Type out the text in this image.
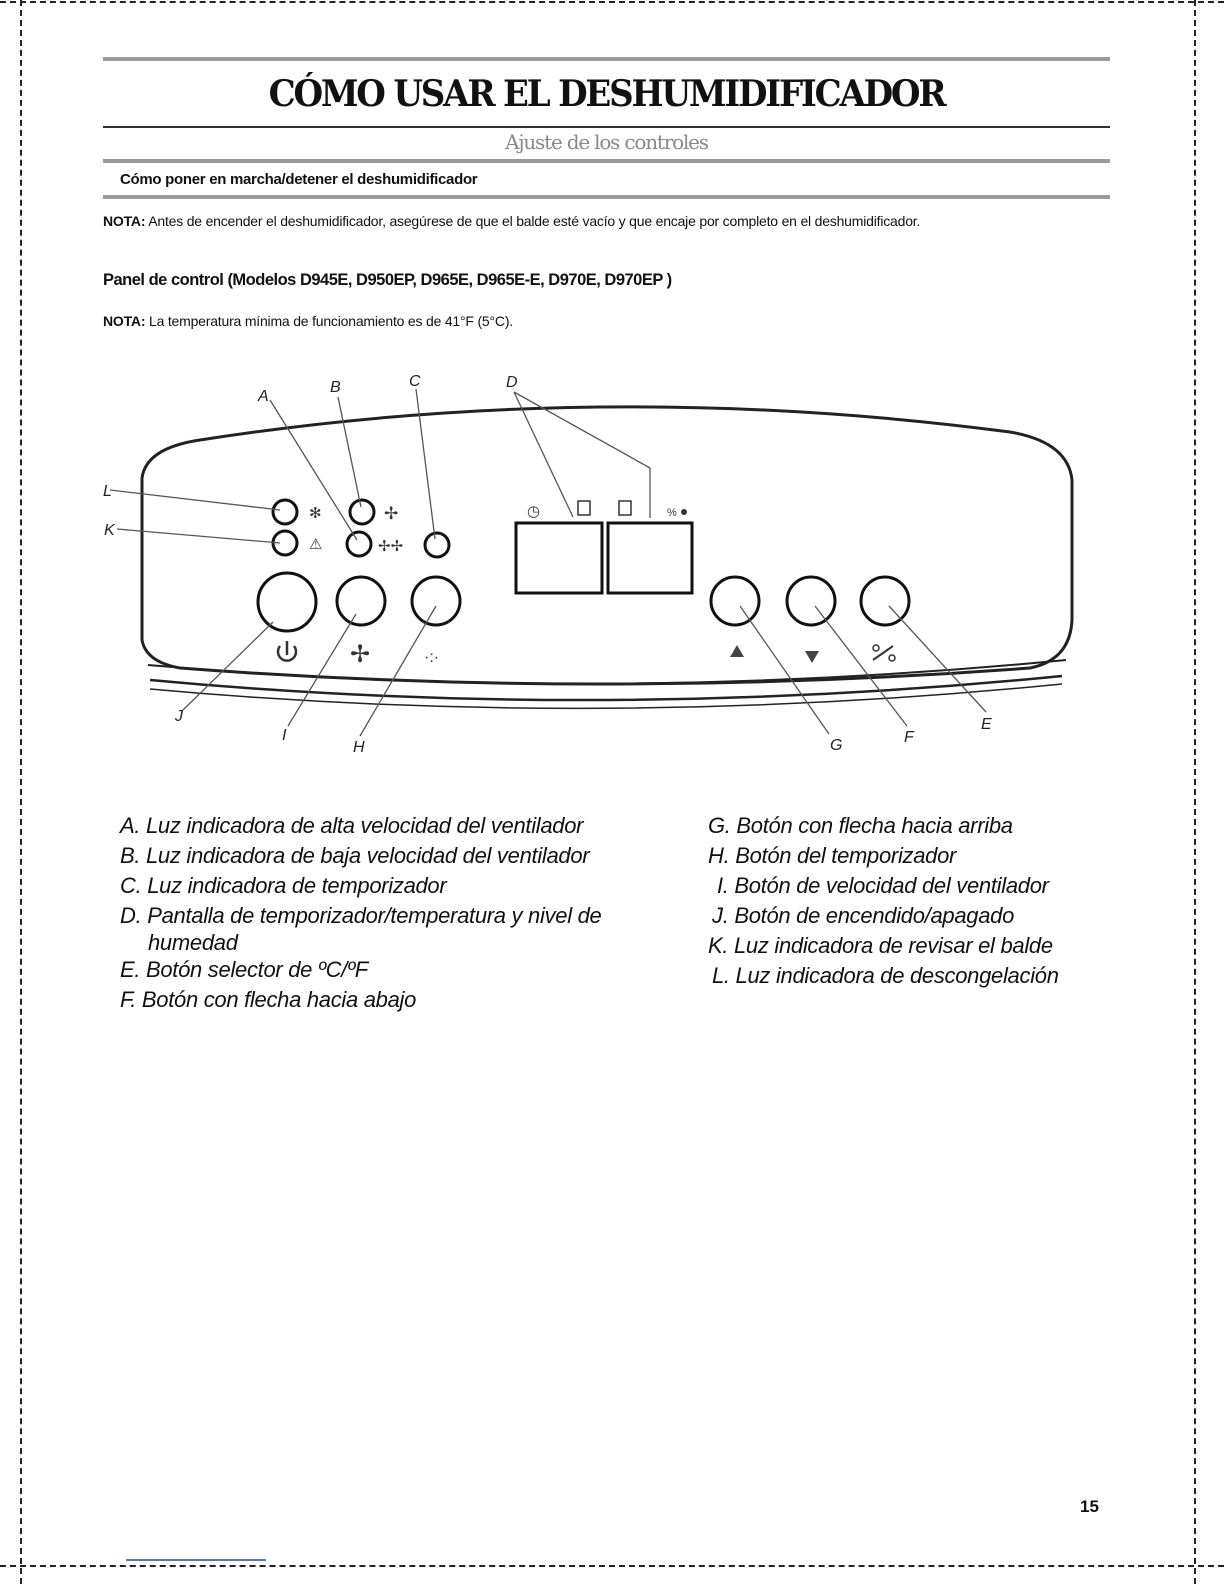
CÓMO USAR EL DESHUMIDIFICADOR
Ajuste de los controles
Cómo poner en marcha/detener el deshumidificador
NOTA: Antes de encender el deshumidificador, asegúrese de que el balde esté vacío y que encaje por completo en el deshumidificador.
Panel de control (Modelos D945E, D950EP, D965E, D965E-E, D970E, D970EP )
NOTA: La temperatura mínima de funcionamiento es de 41°F (5°C).
✻
⚠
✢
✢✢
◷	%
✢	·:·
A
B	C	D
L
K
J
I
H	G	F
E
A. Luz indicadora de alta velocidad del ventilador
B. Luz indicadora de baja velocidad del ventilador
C. Luz indicadora de temporizador
D. Pantalla de temporizador/temperatura y nivel de
humedad
E. Botón selector de ºC/ºF
F. Botón con flecha hacia abajo
G. Botón con flecha hacia arriba
H. Botón del temporizador
I. Botón de velocidad del ventilador
J. Botón de encendido/apagado
K. Luz indicadora de revisar el balde
L. Luz indicadora de descongelación
15
